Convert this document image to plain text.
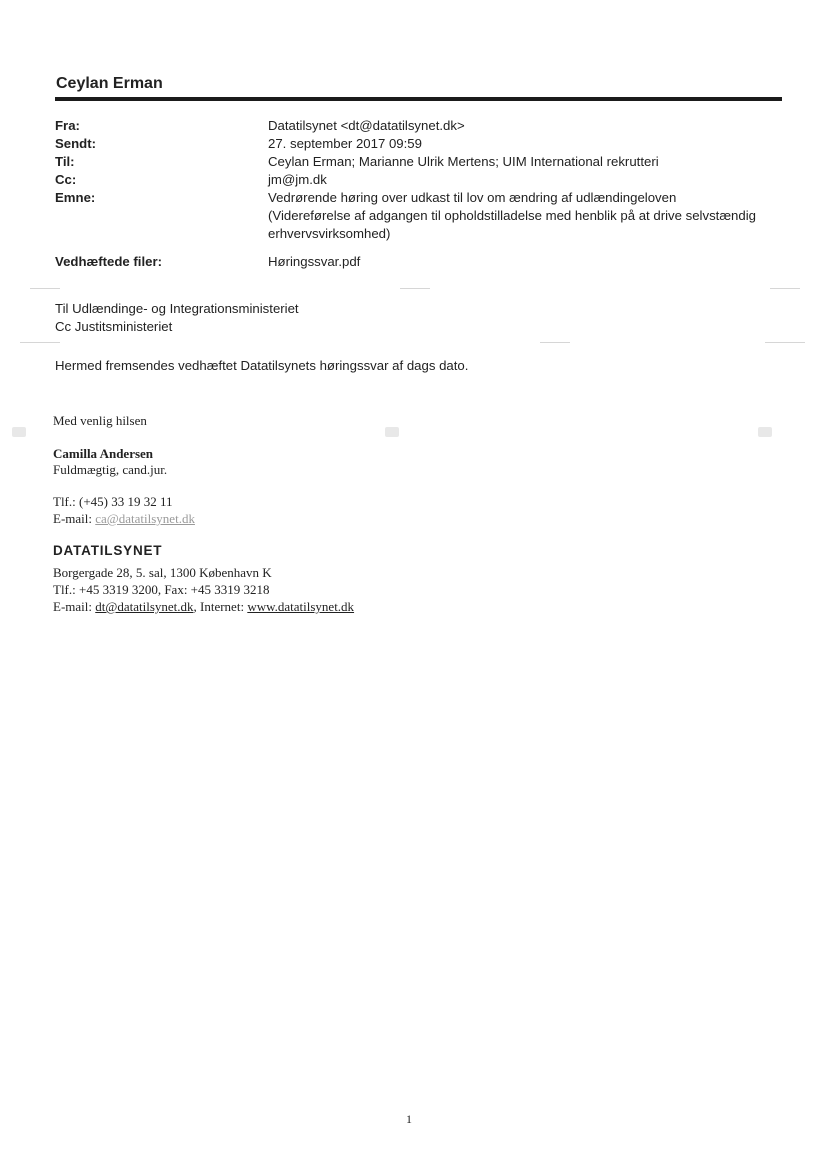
Ceylan Erman
Fra:	Datatilsynet <dt@datatilsynet.dk>
Sendt:	27. september 2017 09:59
Til:	Ceylan Erman; Marianne Ulrik Mertens; UIM International rekrutteri
Cc:	jm@jm.dk
Emne:	Vedrørende høring over udkast til lov om ændring af udlændingeloven
(Videreførelse af adgangen til opholdstilladelse med henblik på at drive selvstændig
erhvervsvirksomhed)
Vedhæftede filer:	Høringssvar.pdf
Til Udlændinge- og Integrationsministeriet
Cc Justitsministeriet
Hermed fremsendes vedhæftet Datatilsynets høringssvar af dags dato.
Med venlig hilsen
Camilla Andersen
Fuldmægtig, cand.jur.
Tlf.: (+45) 33 19 32 11
E-mail: ca@datatilsynet.dk
DATATILSYNET
Borgergade 28, 5. sal, 1300 København K
Tlf.: +45 3319 3200, Fax: +45 3319 3218
E-mail: dt@datatilsynet.dk, Internet: www.datatilsynet.dk
1
